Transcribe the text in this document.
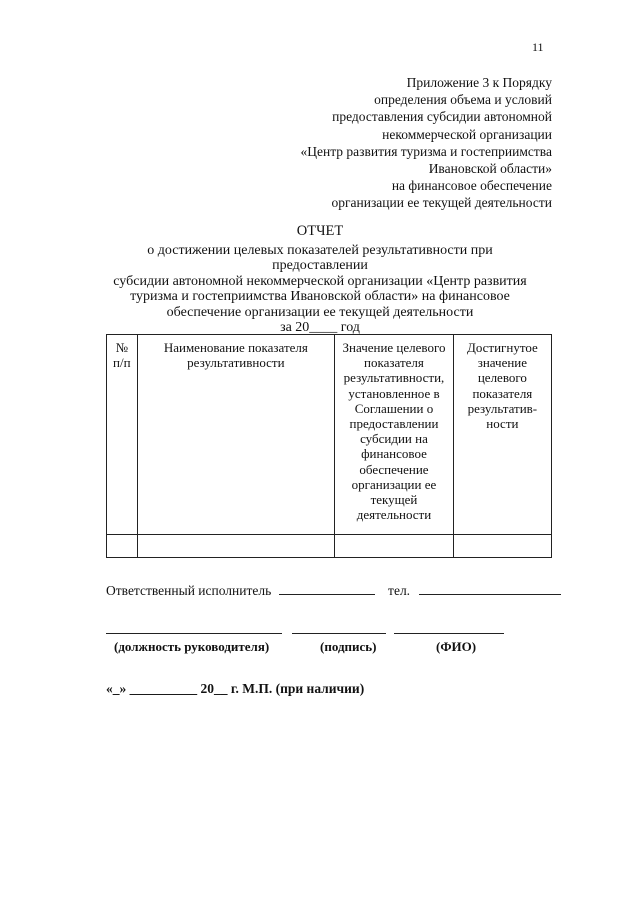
11
Приложение 3 к Порядку
определения объема и условий
предоставления субсидии автономной
некоммерческой организации
«Центр развития туризма и гостеприимства
Ивановской области»
на финансовое обеспечение
организации ее текущей деятельности
ОТЧЕТ
о достижении целевых показателей результативности при предоставлении
субсидии автономной некоммерческой организации «Центр развития
туризма и гостеприимства Ивановской области» на финансовое
обеспечение организации ее текущей деятельности
за 20____ год
№ п/п	Наименование показателя результативности	Значение целевого показателя результативности, установленное в Соглашении о предоставлении субсидии на финансовое обеспечение организации ее текущей деятельности	Достигнутое значение целевого показателя результатив-ности

Ответственный исполнитель	тел.
(должность руководителя)	(подпись)	(ФИО)
«_» __________ 20__ г. М.П. (при наличии)
